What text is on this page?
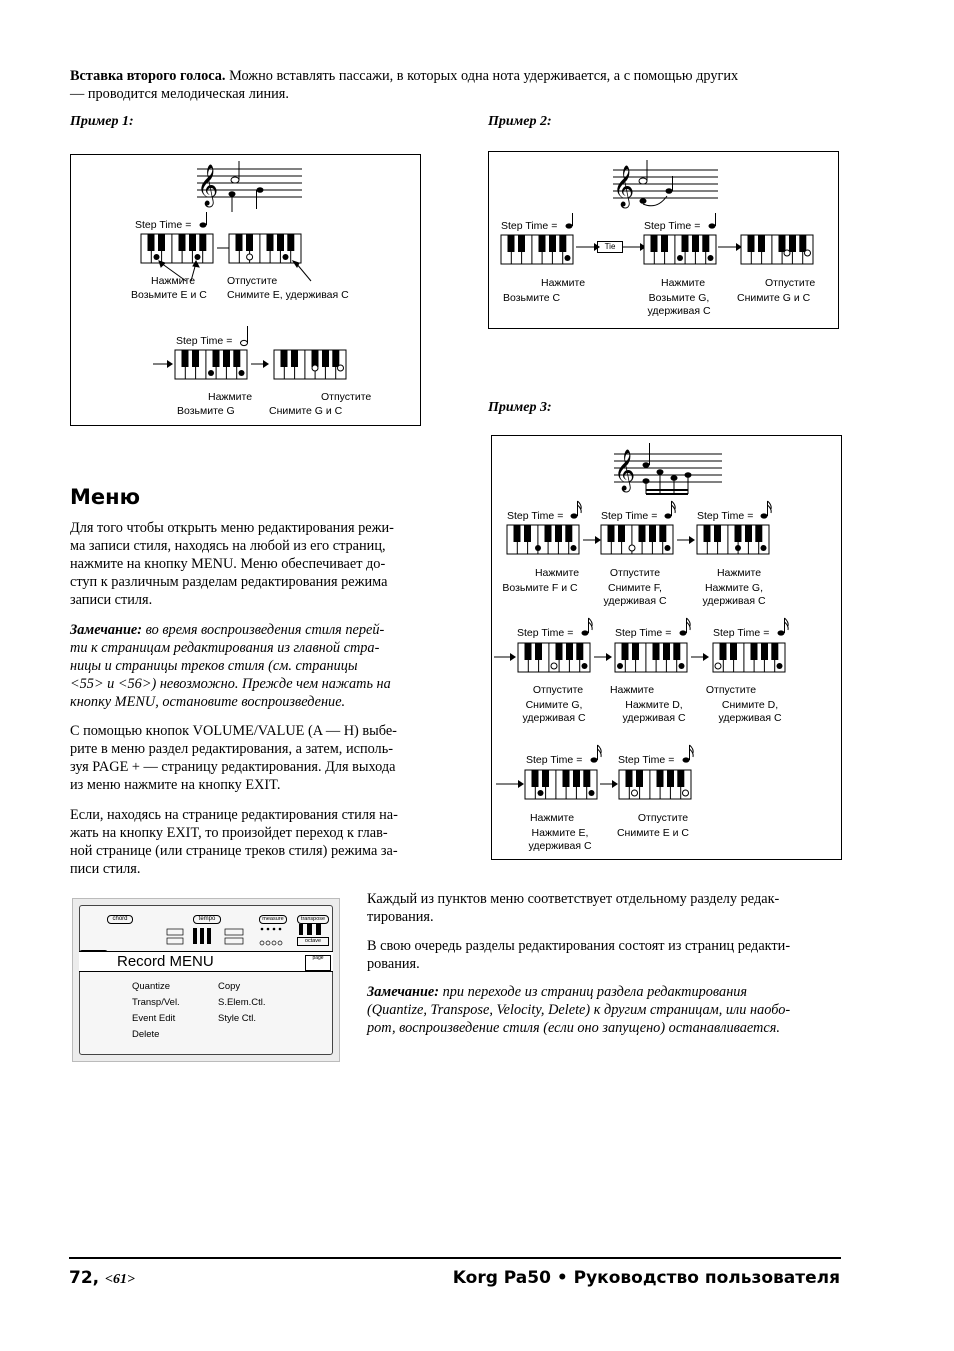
Вставка второго голоса. Можно вставлять пассажи, в которых одна нота удерживается, а с помощью других
— проводится мелодическая линия.
Пример 1:	Пример 2:
Пример 3:
𝄞
Step Time =
Нажмите
Возьмите E и C
Отпустите
Снимите E, удерживая C
Step Time =
Нажмите
Возьмите G
Отпустите
Снимите G и C
𝄞
Step Time =	Step Time =
Tie
Нажмите
Возьмите C
Нажмите
Возьмите G,
удерживая C
Отпустите
Снимите G и C
𝄞
Step Time =	Step Time =	Step Time =
Нажмите
Возьмите F и C
Отпустите
Снимите F,
удерживая C
Нажмите
Нажмите G,
удерживая C
Step Time =	Step Time =	Step Time =
Отпустите
Снимите G,
удерживая C
Нажмите
Нажмите D,
удерживая C
Отпустите
Снимите D,
удерживая C
Step Time =	Step Time =
Нажмите
Нажмите E,
удерживая C
Отпустите
Снимите E и C
Меню
Для того чтобы открыть меню редактирования режи-
ма записи стиля, находясь на любой из его страниц,
нажмите на кнопку MENU. Меню обеспечивает до-
ступ к различным разделам редактирования режима
записи стиля.
Замечание: во время воспроизведения стиля перей-
ти к страницам редактирования из главной стра-
ницы и страницы треков стиля (см. страницы
<55> и <56>) невозможно. Прежде чем нажать на
кнопку MENU, остановите воспроизведение.
С помощью кнопок VOLUME/VALUE (A — H) выбе-
рите в меню раздел редактирования, а затем, исполь-
зуя PAGE + — страницу редактирования. Для выхода
из меню нажмите на кнопку EXIT.
Если, находясь на странице редактирования стиля на-
жать на кнопку EXIT, то произойдет переход к глав-
ной странице (или странице треков стиля) режима за-
писи стиля.
chord	tempo	measure	transpose
octave
Record MENU	page
Quantize
Transp/Vel.
Event Edit
Delete
Copy
S.Elem.Ctl.
Style Ctl.
Каждый из пунктов меню соответствует отдельному разделу редак-
тирования.
В свою очередь разделы редактирования состоят из страниц редакти-
рования.
Замечание: при переходе из страниц раздела редактирования
(Quantize, Transpose, Velocity, Delete) к другим страницам, или наобо-
рот, воспроизведение стиля (если оно запущено) останавливается.
72, <61>	Korg Pa50 • Руководство пользователя
